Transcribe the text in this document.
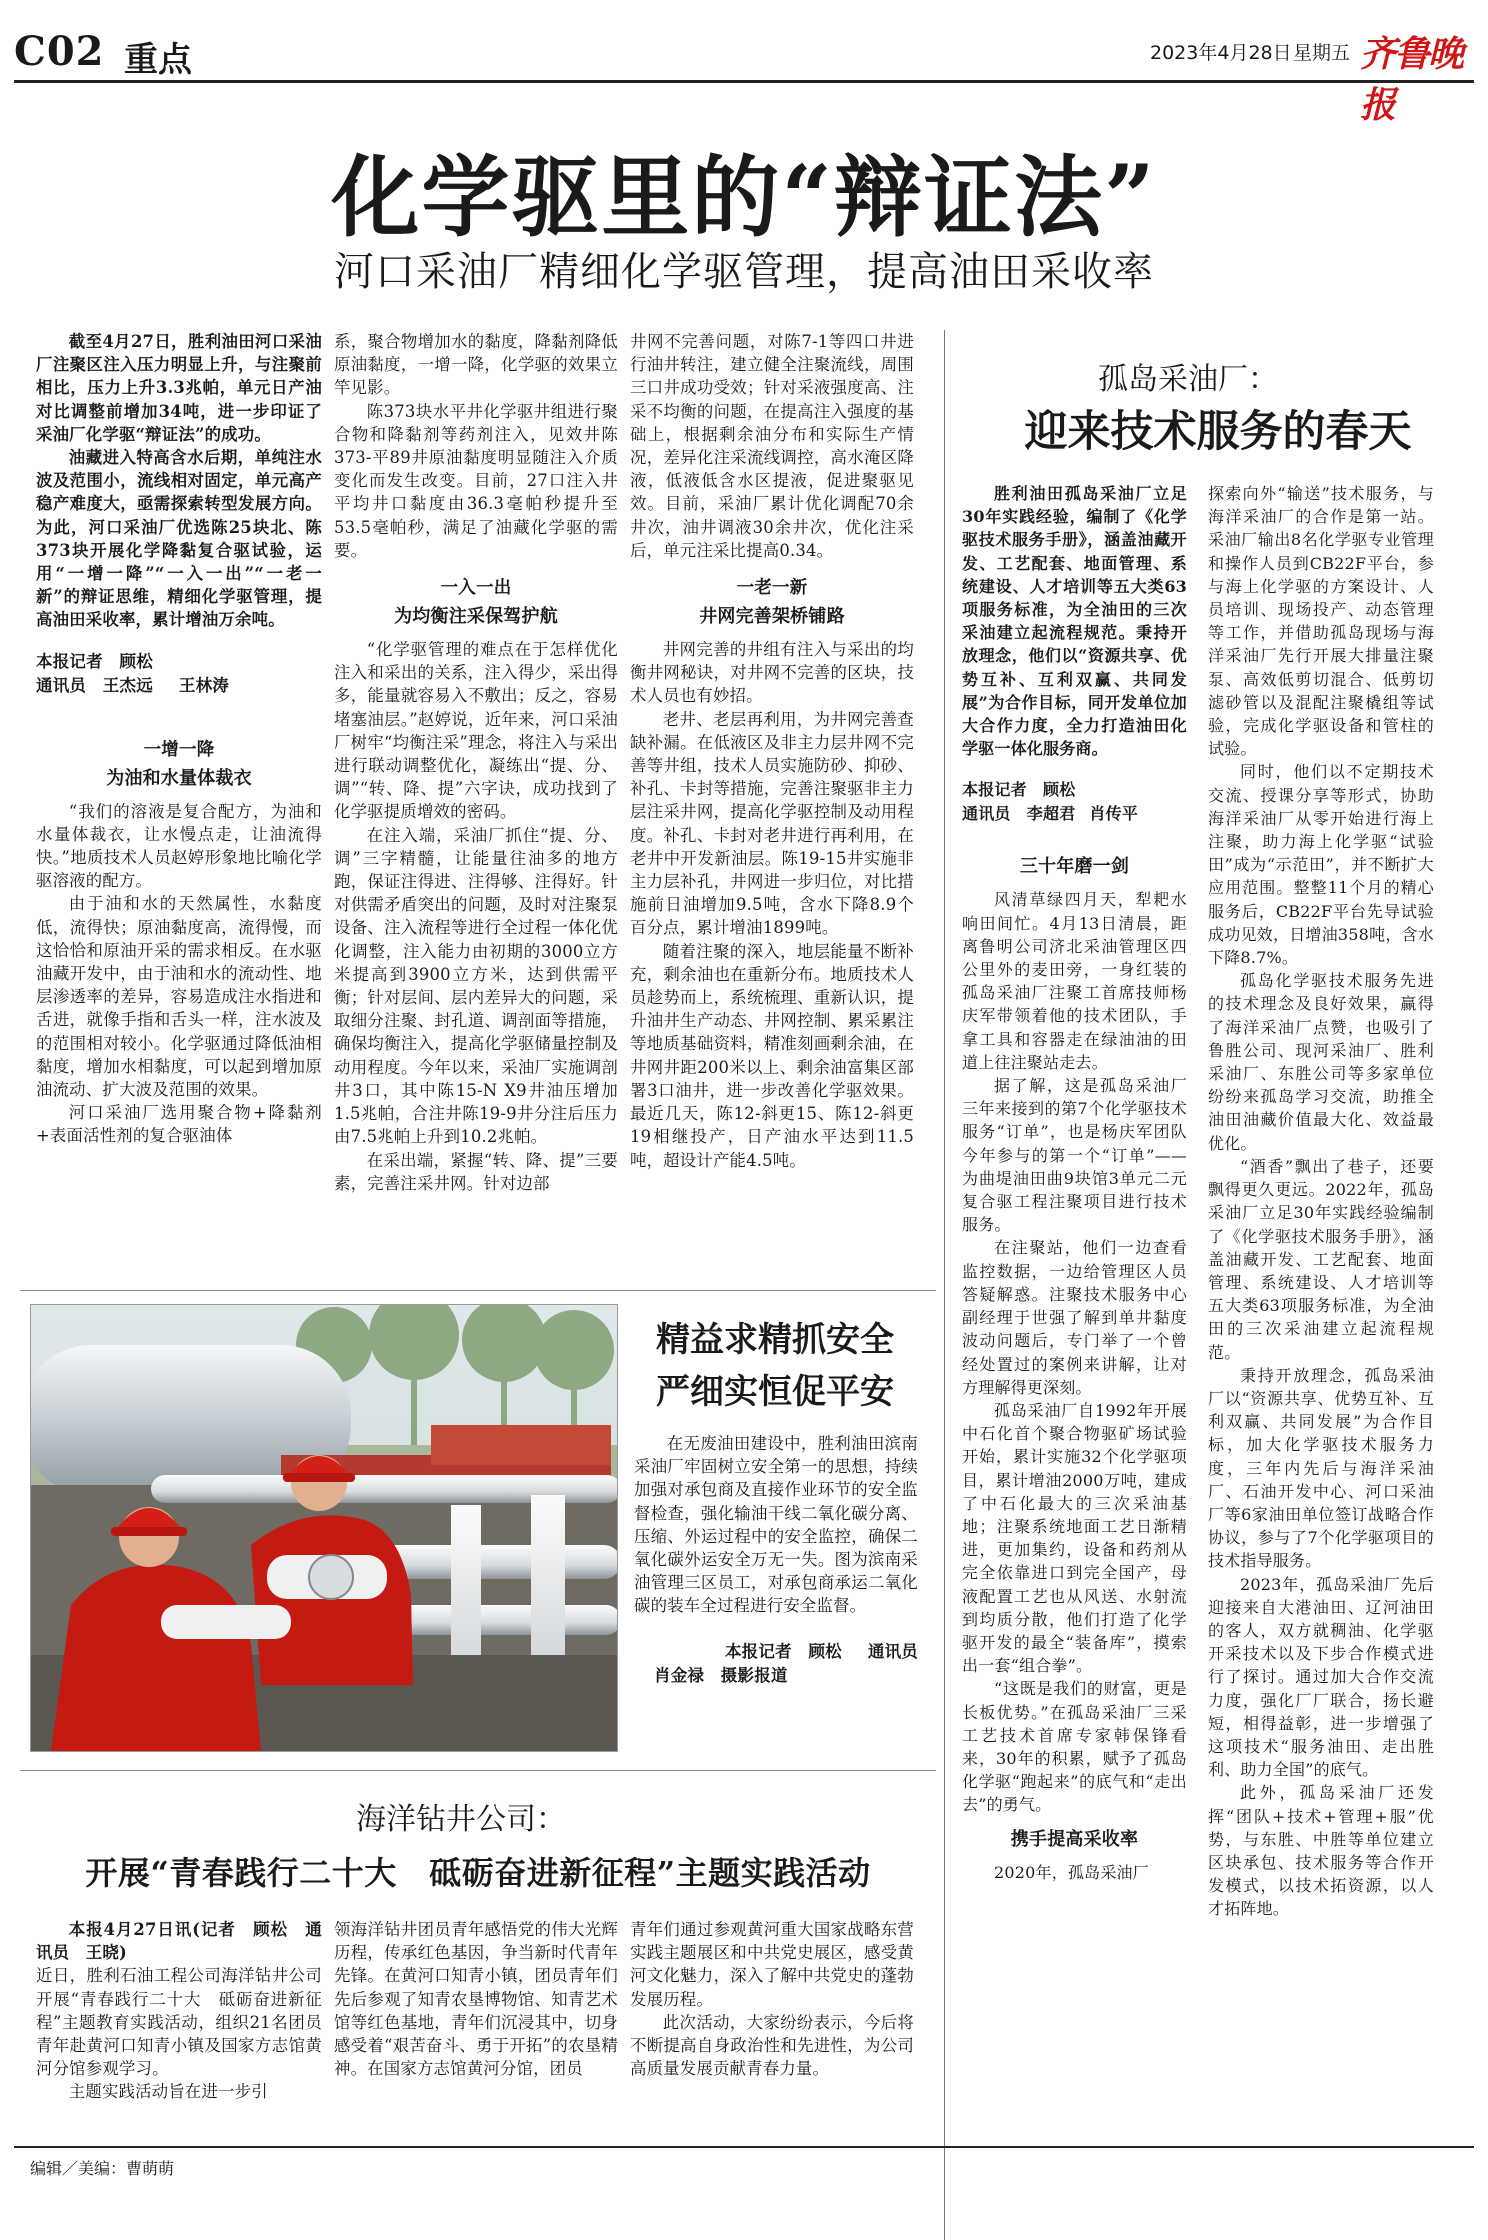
C02 重点	2023年4月28日 星期五 齐鲁晚报
化学驱里的“辩证法”
河口采油厂精细化学驱管理，提高油田采收率

截至4月27日，胜利油田河口采油厂注聚区注入压力明显上升，与注聚前相比，压力上升3.3兆帕，单元日产油对比调整前增加34吨，进一步印证了采油厂化学驱“辩证法”的成功。

油藏进入特高含水后期，单纯注水波及范围小，流线相对固定，单元高产稳产难度大，亟需探索转型发展方向。为此，河口采油厂优选陈25块北、陈373块开展化学降黏复合驱试验，运用“一增一降”“一入一出”“一老一新”的辩证思维，精细化学驱管理，提高油田采收率，累计增油万余吨。

本报记者　顾松
通讯员　王杰远 王林涛
一增一降
为油和水量体裁衣

“我们的溶液是复合配方，为油和水量体裁衣，让水慢点走，让油流得快。”地质技术人员赵婷形象地比喻化学驱溶液的配方。

由于油和水的天然属性，水黏度低，流得快；原油黏度高，流得慢，而这恰恰和原油开采的需求相反。在水驱油藏开发中，由于油和水的流动性、地层渗透率的差异，容易造成注水指进和舌进，就像手指和舌头一样，注水波及的范围相对较小。化学驱通过降低油相黏度，增加水相黏度，可以起到增加原油流动、扩大波及范围的效果。

河口采油厂选用聚合物+降黏剂+表面活性剂的复合驱油体

系，聚合物增加水的黏度，降黏剂降低原油黏度，一增一降，化学驱的效果立竿见影。

陈373块水平井化学驱井组进行聚合物和降黏剂等药剂注入，见效井陈373-平89井原油黏度明显随注入介质变化而发生改变。目前，27口注入井平均井口黏度由36.3毫帕秒提升至53.5毫帕秒，满足了油藏化学驱的需要。

一入一出
为均衡注采保驾护航

“化学驱管理的难点在于怎样优化注入和采出的关系，注入得少，采出得多，能量就容易入不敷出；反之，容易堵塞油层。”赵婷说，近年来，河口采油厂树牢“均衡注采”理念，将注入与采出进行联动调整优化，凝练出“提、分、调”“转、降、提”六字诀，成功找到了化学驱提质增效的密码。

在注入端，采油厂抓住“提、分、调”三字精髓，让能量往油多的地方跑，保证注得进、注得够、注得好。针对供需矛盾突出的问题，及时对注聚泵设备、注入流程等进行全过程一体化优化调整，注入能力由初期的3000立方米提高到3900立方米，达到供需平衡；针对层间、层内差异大的问题，采取细分注聚、封孔道、调剖面等措施，确保均衡注入，提高化学驱储量控制及动用程度。今年以来，采油厂实施调剖井3口，其中陈15-N X9井油压增加1.5兆帕，合注井陈19-9井分注后压力由7.5兆帕上升到10.2兆帕。

在采出端，紧握“转、降、提”三要素，完善注采井网。针对边部

井网不完善问题，对陈7-1等四口井进行油井转注，建立健全注聚流线，周围三口井成功受效；针对采液强度高、注采不均衡的问题，在提高注入强度的基础上，根据剩余油分布和实际生产情况，差异化注采流线调控，高水淹区降液，低液低含水区提液，促进聚驱见效。目前，采油厂累计优化调配70余井次，油井调液30余井次，优化注采后，单元注采比提高0.34。

一老一新
井网完善架桥铺路

井网完善的井组有注入与采出的均衡井网秘诀，对井网不完善的区块，技术人员也有妙招。

老井、老层再利用，为井网完善查缺补漏。在低液区及非主力层井网不完善等井组，技术人员实施防砂、抑砂、补孔、卡封等措施，完善注聚驱非主力层注采井网，提高化学驱控制及动用程度。补孔、卡封对老井进行再利用，在老井中开发新油层。陈19-15井实施非主力层补孔，井网进一步归位，对比措施前日油增加9.5吨，含水下降8.9个百分点，累计增油1899吨。

随着注聚的深入，地层能量不断补充，剩余油也在重新分布。地质技术人员趁势而上，系统梳理、重新认识，提升油井生产动态、井网控制、累采累注等地质基础资料，精准刻画剩余油，在井网井距200米以上、剩余油富集区部署3口油井，进一步改善化学驱效果。最近几天，陈12-斜更15、陈12-斜更19相继投产，日产油水平达到11.5吨，超设计产能4.5吨。

孤岛采油厂：
迎来技术服务的春天

胜利油田孤岛采油厂立足30年实践经验，编制了《化学驱技术服务手册》，涵盖油藏开发、工艺配套、地面管理、系统建设、人才培训等五大类63项服务标准，为全油田的三次采油建立起流程规范。秉持开放理念，他们以“资源共享、优势互补、互利双赢、共同发展”为合作目标，同开发单位加大合作力度，全力打造油田化学驱一体化服务商。

本报记者　顾松
通讯员　李超君 肖传平
三十年磨一剑

风清草绿四月天，犁耙水响田间忙。4月13日清晨，距离鲁明公司济北采油管理区四公里外的麦田旁，一身红装的孤岛采油厂注聚工首席技师杨庆军带领着他的技术团队，手拿工具和容器走在绿油油的田道上往注聚站走去。

据了解，这是孤岛采油厂三年来接到的第7个化学驱技术服务“订单”，也是杨庆军团队今年参与的第一个“订单”——为曲堤油田曲9块馆3单元二元复合驱工程注聚项目进行技术服务。

在注聚站，他们一边查看监控数据，一边给管理区人员答疑解惑。注聚技术服务中心副经理于世强了解到单井黏度波动问题后，专门举了一个曾经处置过的案例来讲解，让对方理解得更深刻。

孤岛采油厂自1992年开展中石化首个聚合物驱矿场试验开始，累计实施32个化学驱项目，累计增油2000万吨，建成了中石化最大的三次采油基地；注聚系统地面工艺日渐精进，更加集约，设备和药剂从完全依靠进口到完全国产，母液配置工艺也从风送、水射流到均质分散，他们打造了化学驱开发的最全“装备库”，摸索出一套“组合拳”。

“这既是我们的财富，更是长板优势。”在孤岛采油厂三采工艺技术首席专家韩保锋看来，30年的积累，赋予了孤岛化学驱“跑起来”的底气和“走出去”的勇气。

携手提高采收率

2020年，孤岛采油厂

探索向外“输送”技术服务，与海洋采油厂的合作是第一站。采油厂输出8名化学驱专业管理和操作人员到CB22F平台，参与海上化学驱的方案设计、人员培训、现场投产、动态管理等工作，并借助孤岛现场与海洋采油厂先行开展大排量注聚泵、高效低剪切混合、低剪切滤砂管以及混配注聚橇组等试验，完成化学驱设备和管柱的试验。

同时，他们以不定期技术交流、授课分享等形式，协助海洋采油厂从零开始进行海上注聚，助力海上化学驱“试验田”成为“示范田”，并不断扩大应用范围。整整11个月的精心服务后，CB22F平台先导试验成功见效，日增油358吨，含水下降8.7%。

孤岛化学驱技术服务先进的技术理念及良好效果，赢得了海洋采油厂点赞，也吸引了鲁胜公司、现河采油厂、胜利采油厂、东胜公司等多家单位纷纷来孤岛学习交流，助推全油田油藏价值最大化、效益最优化。

“酒香”飘出了巷子，还要飘得更久更远。2022年，孤岛采油厂立足30年实践经验编制了《化学驱技术服务手册》，涵盖油藏开发、工艺配套、地面管理、系统建设、人才培训等五大类63项服务标准，为全油田的三次采油建立起流程规范。

秉持开放理念，孤岛采油厂以“资源共享、优势互补、互利双赢、共同发展”为合作目标，加大化学驱技术服务力度，三年内先后与海洋采油厂、石油开发中心、河口采油厂等6家油田单位签订战略合作协议，参与了7个化学驱项目的技术指导服务。

2023年，孤岛采油厂先后迎接来自大港油田、辽河油田的客人，双方就稠油、化学驱开采技术以及下步合作模式进行了探讨。通过加大合作交流力度，强化厂厂联合，扬长避短，相得益彰，进一步增强了这项技术“服务油田、走出胜利、助力全国”的底气。

此外，孤岛采油厂还发挥“团队+技术+管理+服”优势，与东胜、中胜等单位建立区块承包、技术服务等合作开发模式，以技术拓资源，以人才拓阵地。

精益求精抓安全
严细实恒促平安

在无废油田建设中，胜利油田滨南采油厂牢固树立安全第一的思想，持续加强对承包商及直接作业环节的安全监督检查，强化输油干线二氧化碳分离、压缩、外运过程中的安全监控，确保二氧化碳外运安全万无一失。图为滨南采油管理三区员工，对承包商承运二氧化碳的装车全过程进行安全监督。

本报记者　顾松 通讯员
肖金禄　摄影报道
海洋钻井公司：
开展“青春践行二十大　砥砺奋进新征程”主题实践活动

本报4月27日讯(记者　顾松　通讯员　王晓)

近日，胜利石油工程公司海洋钻井公司开展“青春践行二十大　砥砺奋进新征程”主题教育实践活动，组织21名团员青年赴黄河口知青小镇及国家方志馆黄河分馆参观学习。

主题实践活动旨在进一步引

领海洋钻井团员青年感悟党的伟大光辉历程，传承红色基因，争当新时代青年先锋。在黄河口知青小镇，团员青年们先后参观了知青农垦博物馆、知青艺术馆等红色基地，青年们沉浸其中，切身感受着“艰苦奋斗、勇于开拓”的农垦精神。在国家方志馆黄河分馆，团员

青年们通过参观黄河重大国家战略东营实践主题展区和中共党史展区，感受黄河文化魅力，深入了解中共党史的蓬勃发展历程。

此次活动，大家纷纷表示，今后将不断提高自身政治性和先进性，为公司高质量发展贡献青春力量。

编辑／美编：曹萌萌
